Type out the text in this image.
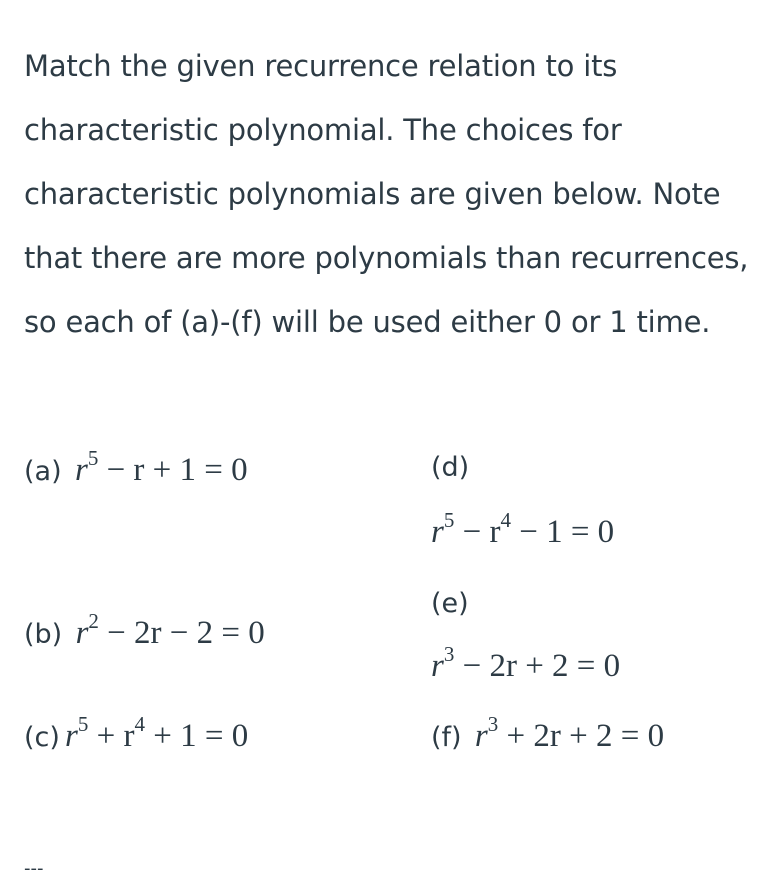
Match the given recurrence relation to its characteristic polynomial. The choices for characteristic polynomials are given below. Note that there are more polynomials than recurrences, so each of (a)-(f) will be used either 0 or 1 time.

(a) $r^5 - r + 1 = 0$	(d)
$r^5 - r^4 - 1 = 0$
(e)
$r^3 - 2r + 2 = 0$
(b) $r^2 - 2r - 2 = 0$
(c) $r^5 + r^4 + 1 = 0$	(f) $r^3 + 2r + 2 = 0$
---
